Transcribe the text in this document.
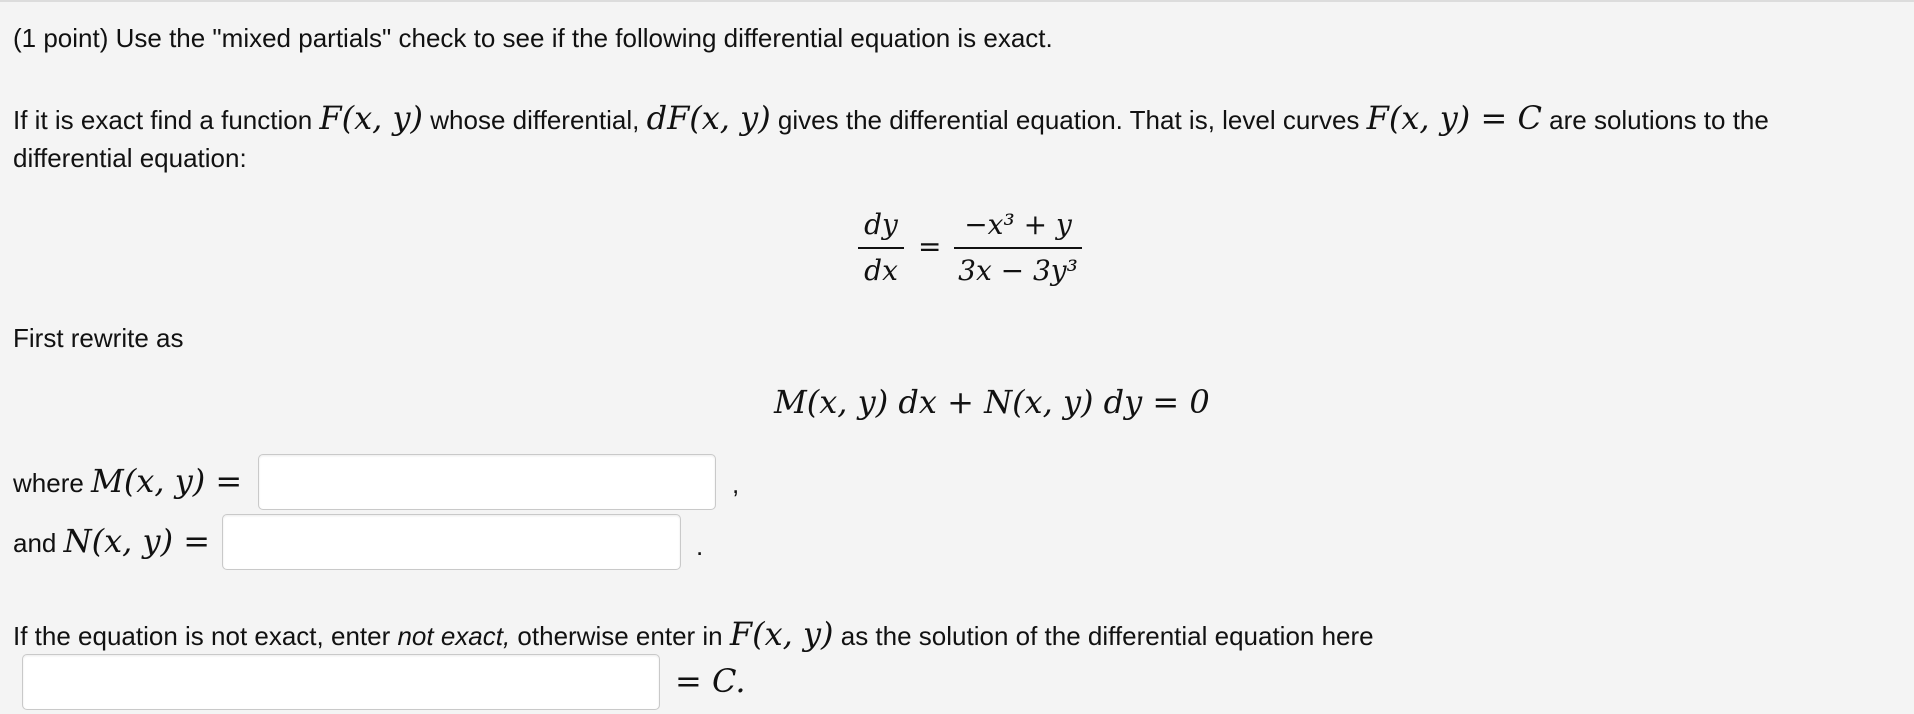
(1 point) Use the "mixed partials" check to see if the following differential equation is exact.
If it is exact find a function F(x, y) whose differential, dF(x, y) gives the differential equation. That is, level curves F(x, y) = C are solutions to the
differential equation:
dy
dx
=
−x³ + y
3x − 3y³
First rewrite as
M(x, y) dx + N(x, y) dy = 0
where M(x, y) =	,
and N(x, y) =	.
If the equation is not exact, enter not exact, otherwise enter in F(x, y) as the solution of the differential equation here
= C.
